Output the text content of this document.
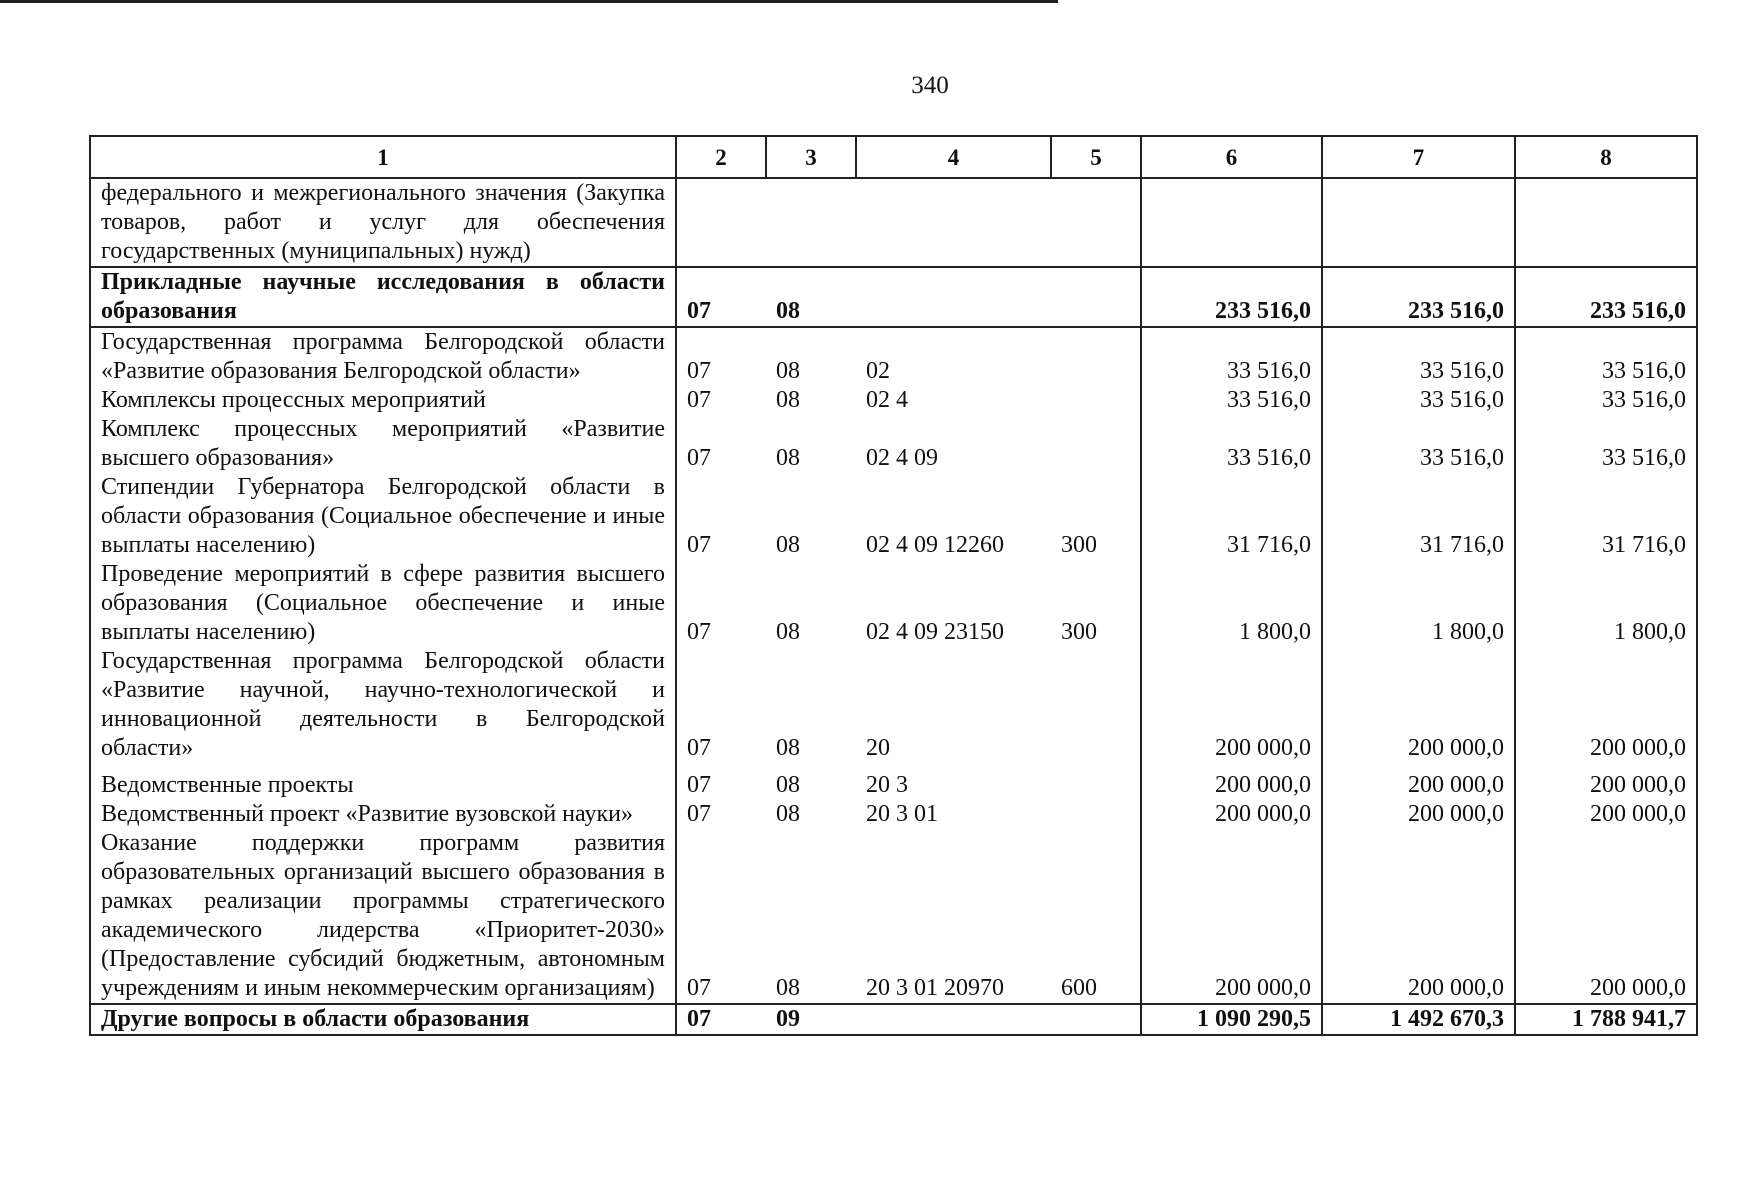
340
1	2	3	4	5	6	7	8
федерального и межрегионального значения (Закупка товаров, работ и услуг для обеспечения государственных (муниципальных) нужд)							
Прикладные научные исследования в области образования	07	08			233 516,0	233 516,0	233 516,0
Государственная программа Белгородской области «Развитие образования Белгородской области»	07	08	02		33 516,0	33 516,0	33 516,0
Комплексы процессных мероприятий	07	08	02 4		33 516,0	33 516,0	33 516,0
Комплекс процессных мероприятий «Развитие высшего образования»	07	08	02 4 09		33 516,0	33 516,0	33 516,0
Стипендии Губернатора Белгородской области в области образования (Социальное обеспечение и иные выплаты населению)	07	08	02 4 09 12260	300	31 716,0	31 716,0	31 716,0
Проведение мероприятий в сфере развития высшего образования (Социальное обеспечение и иные выплаты населению)	07	08	02 4 09 23150	300	1 800,0	1 800,0	1 800,0
Государственная программа Белгородской области «Развитие научной, научно-технологической и инновационной деятельности в Белгородской области»	07	08	20		200 000,0	200 000,0	200 000,0
Ведомственные проекты	07	08	20 3		200 000,0	200 000,0	200 000,0
Ведомственный проект «Развитие вузовской науки»	07	08	20 3 01		200 000,0	200 000,0	200 000,0
Оказание поддержки программ развития образовательных организаций высшего образования в рамках реализации программы стратегического академического лидерства «Приоритет-2030» (Предоставление субсидий бюджетным, автономным учреждениям и иным некоммерческим организациям)	07	08	20 3 01 20970	600	200 000,0	200 000,0	200 000,0
Другие вопросы в области образования	07	09			1 090 290,5	1 492 670,3	1 788 941,7
